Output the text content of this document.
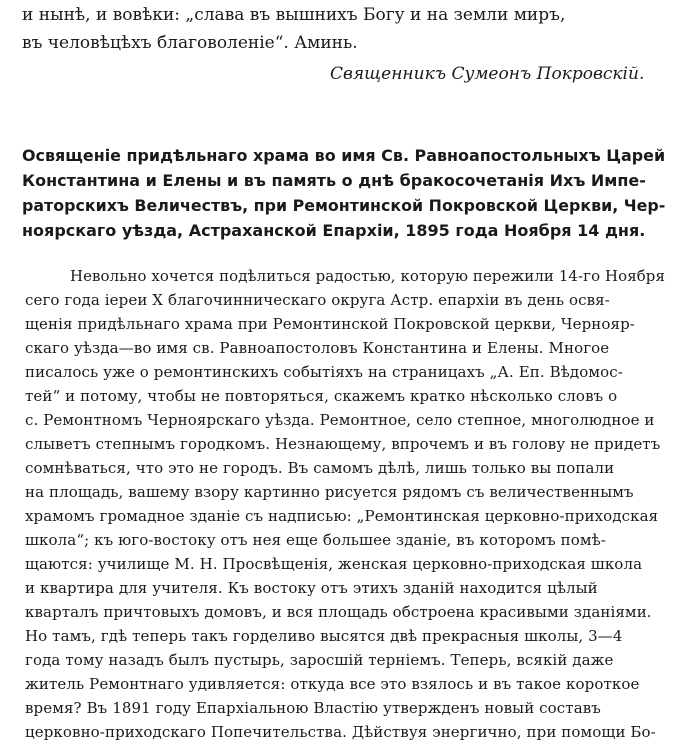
и нынѣ, и вовѣки: „слава въ вышнихъ Богу и на земли миръ,
въ человѣцѣхъ благоволеніе“. Аминь.
Священникъ Сумеонъ Покровскій.
Освященіе придѣльнаго храма во имя Св. Равноапостольныхъ Царей
Константина и Елены и въ память о днѣ бракосочетанія Ихъ Импе-
раторскихъ Величествъ, при Ремонтинской Покровской Церкви, Чер-
ноярскаго уѣзда, Астраханской Епархіи, 1895 года Ноября 14 дня.
Невольно хочется подѣлиться радостью, которую пережили 14-го Ноября
сего года іереи X благочинническаго округа Астр. епархіи въ день освя-
щенія придѣльнаго храма при Ремонтинской Покровской церкви, Чернояр-
скаго уѣзда—во имя св. Равноапостоловъ Константина и Елены. Многое
писалось уже о ремонтинскихъ событіяхъ на страницахъ „А. Еп. Вѣдомос-
тей“ и потому, чтобы не повторяться, скажемъ кратко нѣсколько словъ о
с. Ремонтномъ Черноярскаго уѣзда. Ремонтное, село степное, многолюдное и
слыветъ степнымъ городкомъ. Незнающему, впрочемъ и въ голову не придетъ
сомнѣваться, что это не городъ. Въ самомъ дѣлѣ, лишь только вы попали
на площадь, вашему взору картинно рисуется рядомъ съ величественнымъ
храмомъ громадное зданіе съ надписью: „Ремонтинская церковно-приходская
школа“; къ юго-востоку отъ нея еще большее зданіе, въ которомъ помѣ-
щаются: училище М. Н. Просвѣщенія, женская церковно-приходская школа
и квартира для учителя. Къ востоку отъ этихъ зданій находится цѣлый
кварталъ причтовыхъ домовъ, и вся площадь обстроена красивыми зданіями.
Но тамъ, гдѣ теперь такъ горделиво высятся двѣ прекрасныя школы, 3—4
года тому назадъ былъ пустырь, заросшій терніемъ. Теперь, всякій даже
житель Ремонтнаго удивляется: откуда все это взялось и въ такое короткое
время? Въ 1891 году Епархіальною Властію утвержденъ новый составъ
церковно-приходскаго Попечительства. Дѣйствуя энергично, при помощи Бо-
